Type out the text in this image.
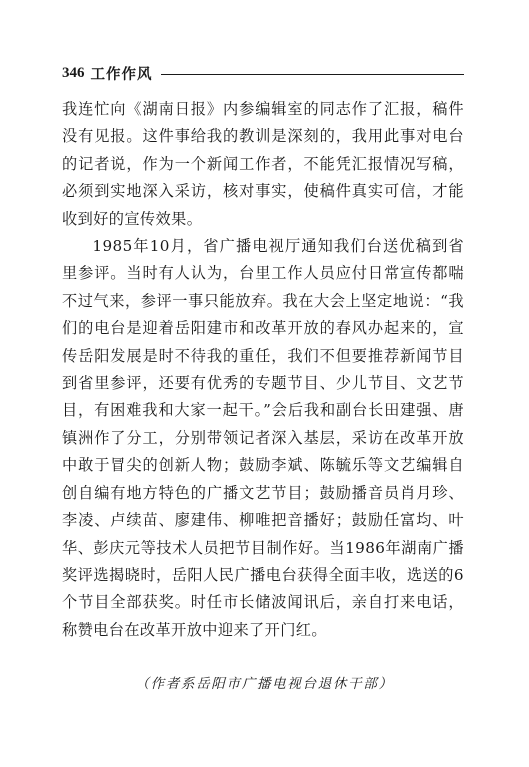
346 工作作风

我连忙向《湖南日报》内参编辑室的同志作了汇报，稿件没有见报。这件事给我的教训是深刻的，我用此事对电台的记者说，作为一个新闻工作者，不能凭汇报情况写稿，必须到实地深入采访，核对事实，使稿件真实可信，才能收到好的宣传效果。

1985年10月，省广播电视厅通知我们台送优稿到省里参评。当时有人认为，台里工作人员应付日常宣传都喘不过气来，参评一事只能放弃。我在大会上坚定地说：“我们的电台是迎着岳阳建市和改革开放的春风办起来的，宣传岳阳发展是时不待我的重任，我们不但要推荐新闻节目到省里参评，还要有优秀的专题节目、少儿节目、文艺节目，有困难我和大家一起干。”会后我和副台长田建强、唐镇洲作了分工，分别带领记者深入基层，采访在改革开放中敢于冒尖的创新人物；鼓励李斌、陈毓乐等文艺编辑自创自编有地方特色的广播文艺节目；鼓励播音员肖月珍、李凌、卢续苗、廖建伟、柳唯把音播好；鼓励任富均、叶华、彭庆元等技术人员把节目制作好。当1986年湖南广播奖评选揭晓时，岳阳人民广播电台获得全面丰收，选送的6个节目全部获奖。时任市长储波闻讯后，亲自打来电话，称赞电台在改革开放中迎来了开门红。

（作者系岳阳市广播电视台退休干部）
